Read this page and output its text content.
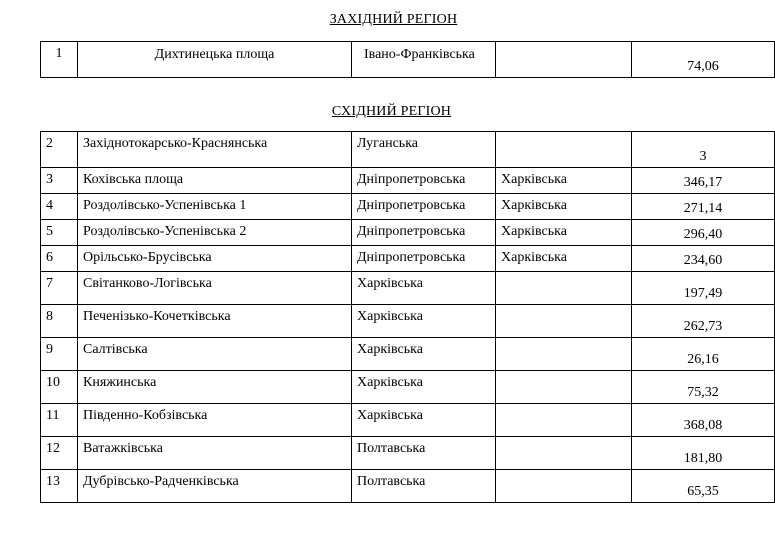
ЗАХІДНИЙ РЕГІОН
1	Дихтинецька площа	Івано-Франківська		74,06
СХІДНИЙ РЕГІОН
2	Західнотокарсько-Краснянська	Луганська		3
3	Кохівська площа	Дніпропетровська	Харківська	346,17
4	Роздолівсько-Успенівська 1	Дніпропетровська	Харківська	271,14
5	Роздолівсько-Успенівська 2	Дніпропетровська	Харківська	296,40
6	Орільсько-Брусівська	Дніпропетровська	Харківська	234,60
7	Світанково-Логівська	Харківська		197,49
8	Печенізько-Кочетківська	Харківська		262,73
9	Салтівська	Харківська		26,16
10	Княжинська	Харківська		75,32
11	Південно-Кобзівська	Харківська		368,08
12	Ватажківська	Полтавська		181,80
13	Дубрівсько-Радченківська	Полтавська		65,35
